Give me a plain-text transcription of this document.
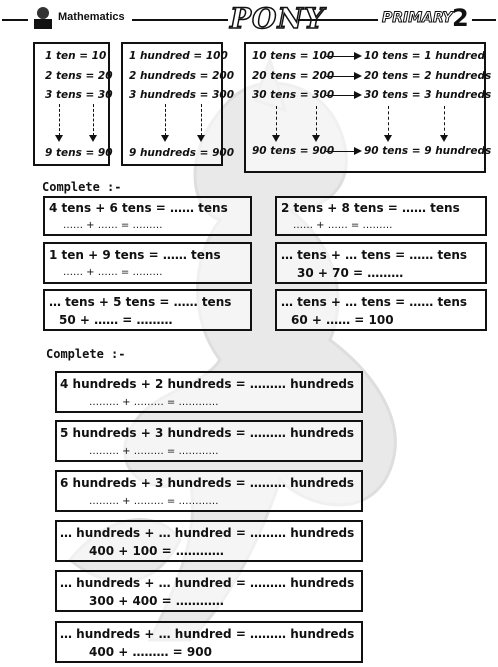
Mathematics	PONY	PRIMARY 2
1 ten = 10
2 tens = 20
3 tens = 30
9 tens = 90
1 hundred = 100
2 hundreds = 200
3 hundreds = 300
9 hundreds = 900
10 tens = 100	10 tens = 1 hundred
20 tens = 200	20 tens = 2 hundreds
30 tens = 300	30 tens = 3 hundreds
90 tens = 900	90 tens = 9 hundreds
Complete :-
4 tens + 6 tens = …… tens
…… + …… = ………
2 tens + 8 tens = …… tens
…… + …… = ………
1 ten + 9 tens = …… tens
…… + …… = ………
… tens + … tens = …… tens
30 + 70 = ………
… tens + 5 tens = …… tens
50 + …… = ………
… tens + … tens = …… tens
60 + …… = 100
Complete :-
4 hundreds + 2 hundreds = ……… hundreds
……… + ……… = …………
5 hundreds + 3 hundreds = ……… hundreds
……… + ……… = …………
6 hundreds + 3 hundreds = ……… hundreds
……… + ……… = …………
… hundreds + … hundred = ……… hundreds
400 + 100 = …………
… hundreds + … hundred = ……… hundreds
300 + 400 = …………
… hundreds + … hundred = ……… hundreds
400 + ……… = 900
